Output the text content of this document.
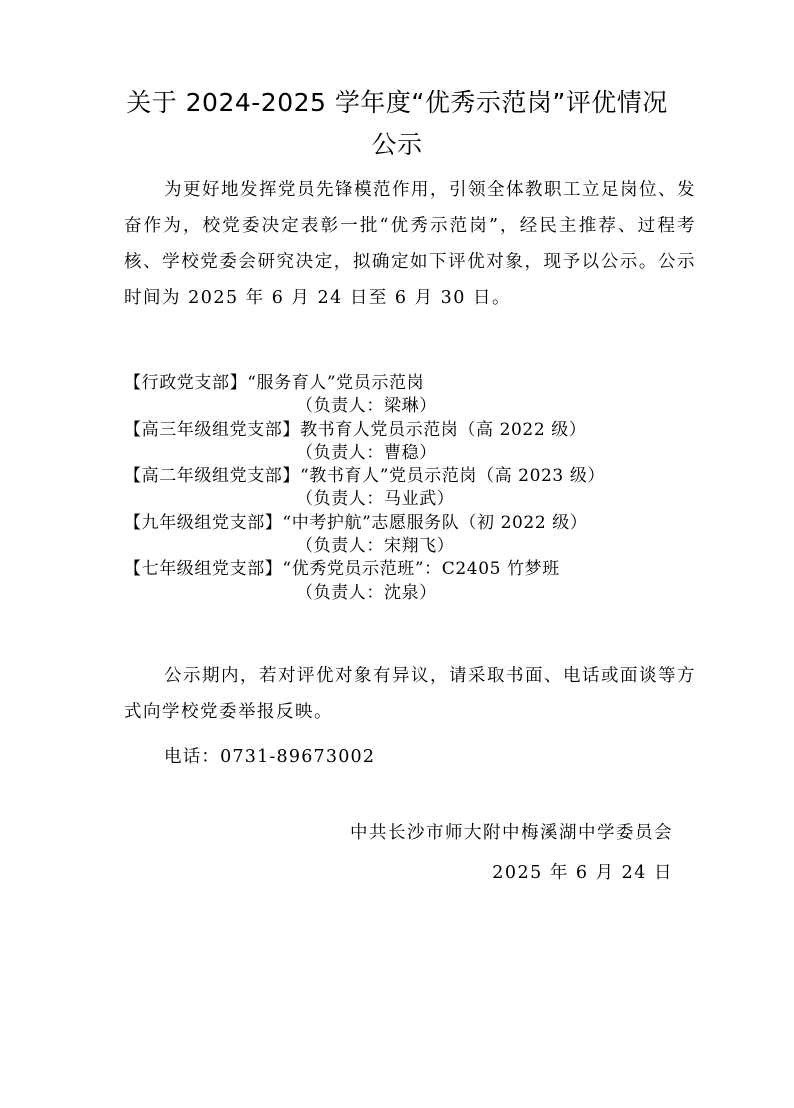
关于 2024-2025 学年度“优秀示范岗”评优情况
公示

为更好地发挥党员先锋模范作用，引领全体教职工立足岗位、发奋作为，校党委决定表彰一批“优秀示范岗”，经民主推荐、过程考核、学校党委会研究决定，拟确定如下评优对象，现予以公示。公示时间为 2025 年 6 月 24 日至 6 月 30 日。

【行政党支部】“服务育人”党员示范岗
（负责人：梁琳）
【高三年级组党支部】教书育人党员示范岗（高 2022 级）
（负责人：曹稳）
【高二年级组党支部】“教书育人”党员示范岗（高 2023 级）
（负责人：马业武）
【九年级组党支部】“中考护航”志愿服务队（初 2022 级）
（负责人：宋翔飞）
【七年级组党支部】“优秀党员示范班”：C2405 竹梦班
（负责人：沈泉）

公示期内，若对评优对象有异议，请采取书面、电话或面谈等方式向学校党委举报反映。

电话：0731-89673002
中共长沙市师大附中梅溪湖中学委员会
2025 年 6 月 24 日
